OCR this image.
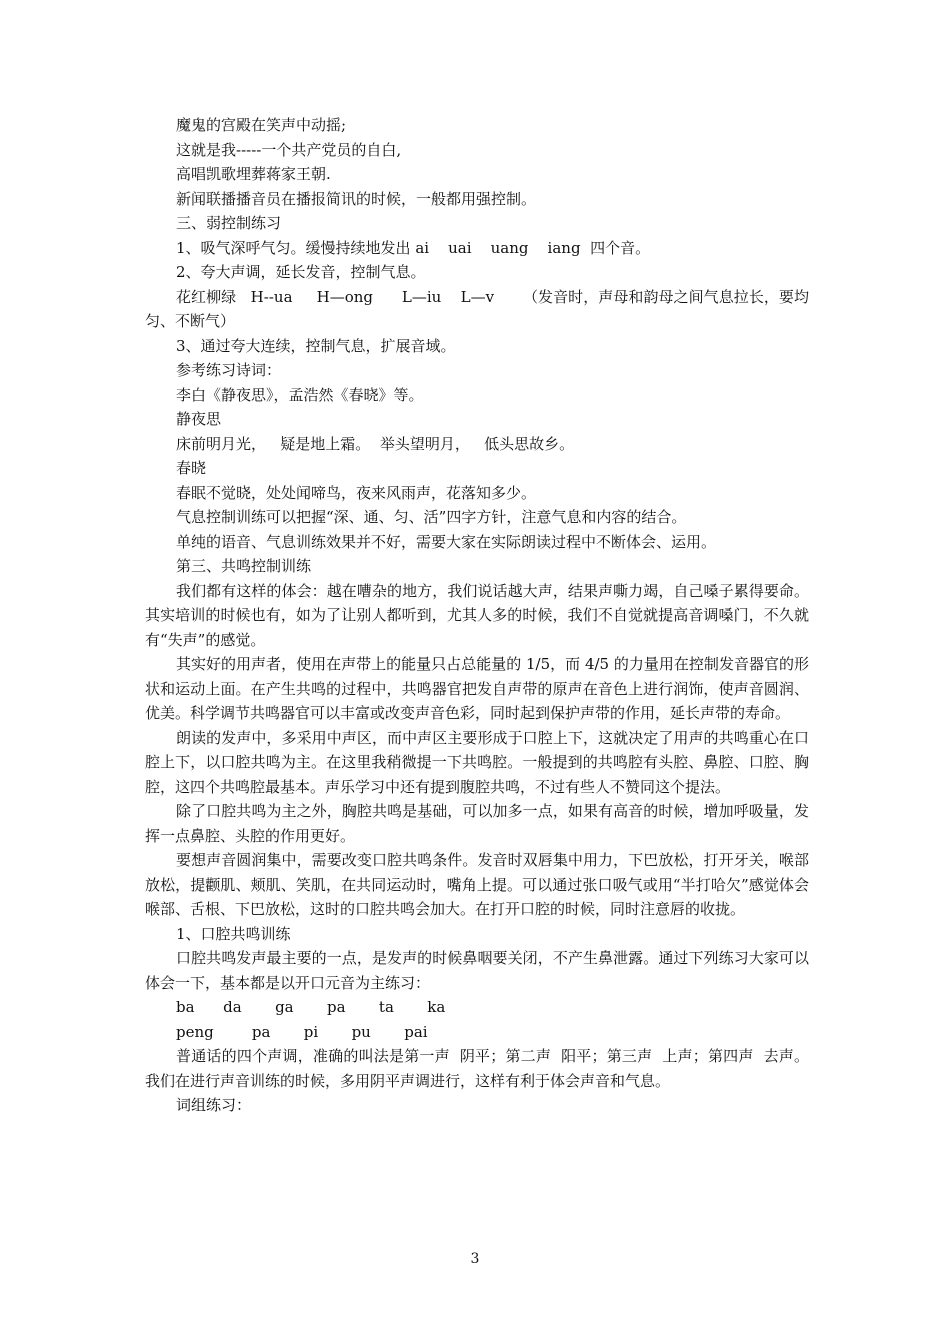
魔鬼的宫殿在笑声中动摇;

这就是我-----一个共产党员的自白,

高唱凯歌埋葬蒋家王朝.

新闻联播播音员在播报简讯的时候，一般都用强控制。

三、弱控制练习

1、吸气深呼气匀。缓慢持续地发出 ai    uai    uang    iang  四个音。

2、夸大声调，延长发音，控制气息。

花红柳绿   H--ua     H—ong      L—iu    L—v      （发音时，声母和韵母之间气息拉长，要均匀、不断气）

3、通过夸大连续，控制气息，扩展音域。

参考练习诗词：

李白《静夜思》，孟浩然《春晓》等。

静夜思

床前明月光，   疑是地上霜。  举头望明月，   低头思故乡。

春晓

春眠不觉晓，处处闻啼鸟，夜来风雨声，花落知多少。

气息控制训练可以把握“深、通、匀、活”四字方针，注意气息和内容的结合。

单纯的语音、气息训练效果并不好，需要大家在实际朗读过程中不断体会、运用。

第三、共鸣控制训练

我们都有这样的体会：越在嘈杂的地方，我们说话越大声，结果声嘶力竭，自己嗓子累得要命。其实培训的时候也有，如为了让别人都听到，尤其人多的时候，我们不自觉就提高音调嗓门，不久就有“失声”的感觉。

其实好的用声者，使用在声带上的能量只占总能量的 1/5，而 4/5 的力量用在控制发音器官的形状和运动上面。在产生共鸣的过程中，共鸣器官把发自声带的原声在音色上进行润饰，使声音圆润、优美。科学调节共鸣器官可以丰富或改变声音色彩，同时起到保护声带的作用，延长声带的寿命。

朗读的发声中，多采用中声区，而中声区主要形成于口腔上下，这就决定了用声的共鸣重心在口腔上下，以口腔共鸣为主。在这里我稍微提一下共鸣腔。一般提到的共鸣腔有头腔、鼻腔、口腔、胸腔，这四个共鸣腔最基本。声乐学习中还有提到腹腔共鸣，不过有些人不赞同这个提法。

除了口腔共鸣为主之外，胸腔共鸣是基础，可以加多一点，如果有高音的时候，增加呼吸量，发挥一点鼻腔、头腔的作用更好。

要想声音圆润集中，需要改变口腔共鸣条件。发音时双唇集中用力，下巴放松，打开牙关，喉部放松，提颧肌、颊肌、笑肌，在共同运动时，嘴角上提。可以通过张口吸气或用“半打哈欠”感觉体会喉部、舌根、下巴放松，这时的口腔共鸣会加大。在打开口腔的时候，同时注意唇的收拢。

1、口腔共鸣训练

口腔共鸣发声最主要的一点，是发声的时候鼻咽要关闭，不产生鼻泄露。通过下列练习大家可以体会一下，基本都是以开口元音为主练习：

ba      da       ga       pa       ta       ka

peng        pa       pi       pu       pai

普通话的四个声调，准确的叫法是第一声  阴平；第二声  阳平；第三声  上声；第四声  去声。我们在进行声音训练的时候，多用阴平声调进行，这样有利于体会声音和气息。

词组练习：

3
